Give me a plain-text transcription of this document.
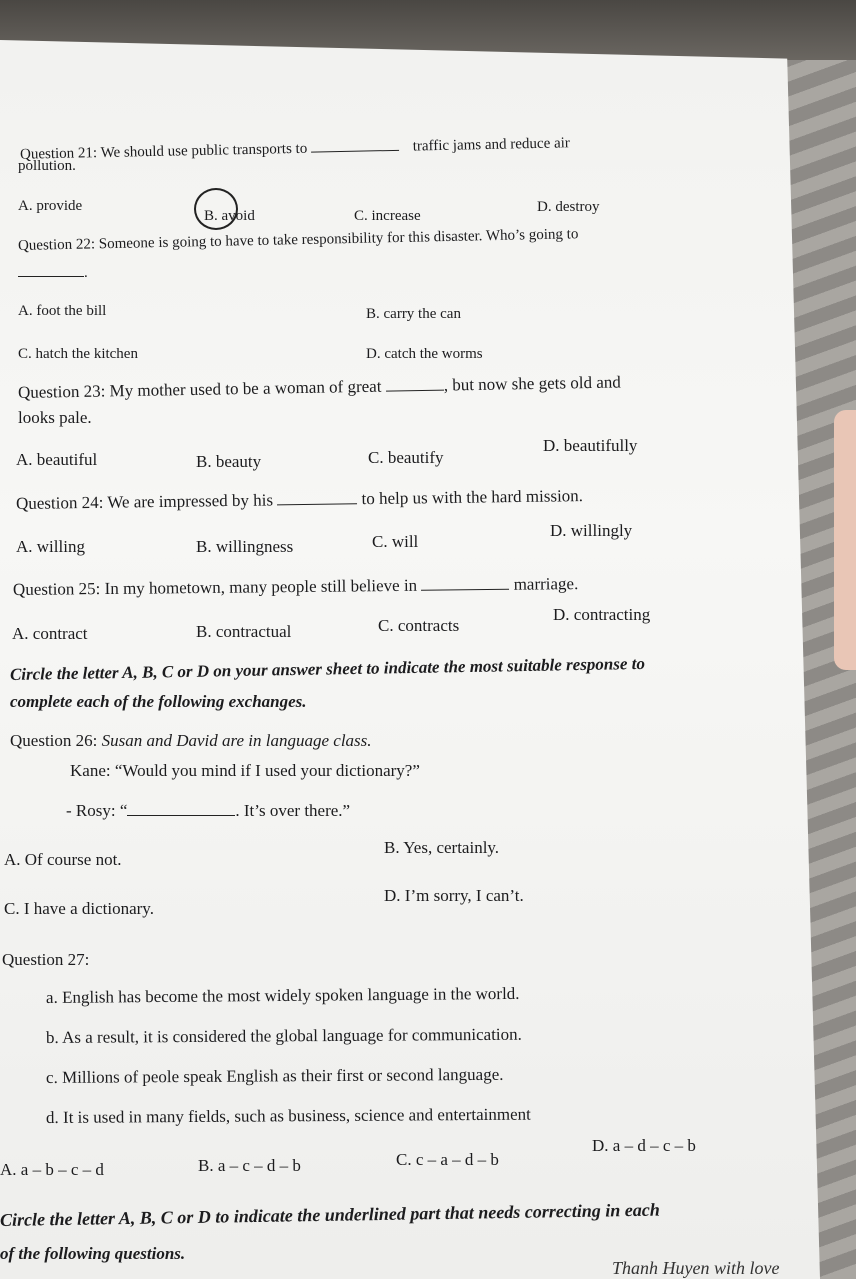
Question 21: We should use public transports to	traffic jams and reduce air
pollution.
A. provide
B. avoid	C. increase
D. destroy
Question 22: Someone is going to have to take responsibility for this disaster. Who’s going to
.
A. foot the bill	B. carry the can
C. hatch the kitchen	D. catch the worms
Question 23: My mother used to be a woman of great	, but now she gets old and
looks pale.
A. beautiful	B. beauty	C. beautify
D. beautifully
Question 24: We are impressed by his	to help us with the hard mission.
A. willing	B. willingness	C. will
D. willingly
Question 25: In my hometown, many people still believe in	marriage.
A. contract	B. contractual	C. contracts
D. contracting
Circle the letter A, B, C or D on your answer sheet to indicate the most suitable response to
complete each of the following exchanges.
Question 26: Susan and David are in language class.
Kane: “Would you mind if I used your dictionary?”
- Rosy: “	. It’s over there.”
A. Of course not.
B. Yes, certainly.
C. I have a dictionary.
D. I’m sorry, I can’t.
Question 27:
a. English has become the most widely spoken language in the world.
b. As a result, it is considered the global language for communication.
c. Millions of peole speak English as their first or second language.
d. It is used in many fields, such as business, science and entertainment
A. a – b – c – d	B. a – c – d – b	C. c – a – d – b
D. a – d – c – b
Circle the letter A, B, C or D to indicate the underlined part that needs correcting in each
of the following questions.
Thanh Huyen with love
